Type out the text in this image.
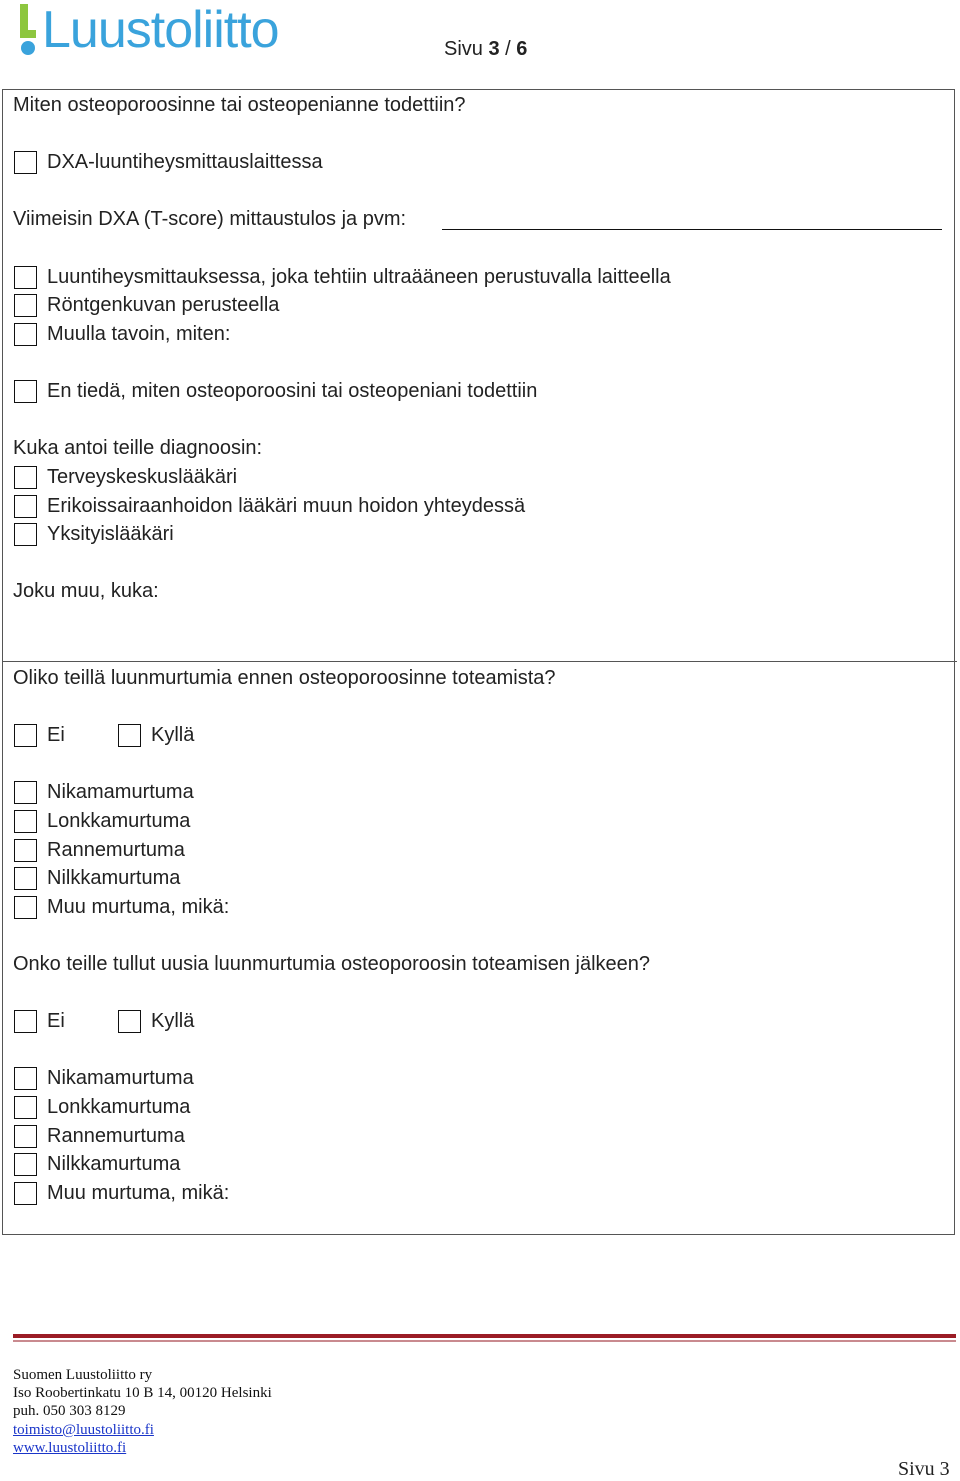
Luustoliitto	Sivu 3 / 6
Miten osteoporoosinne tai osteopenianne todettiin?
DXA-luuntiheysmittauslaittessa
Viimeisin DXA (T-score) mittaustulos ja pvm:
Luuntiheysmittauksessa, joka tehtiin ultraääneen perustuvalla laitteella
Röntgenkuvan perusteella
Muulla tavoin, miten:
En tiedä, miten osteoporoosini tai osteopeniani todettiin
Kuka antoi teille diagnoosin:
Terveyskeskuslääkäri
Erikoissairaanhoidon lääkäri muun hoidon yhteydessä
Yksityislääkäri
Joku muu, kuka:
Oliko teillä luunmurtumia ennen osteoporoosinne toteamista?
Ei	Kyllä
Nikamamurtuma
Lonkkamurtuma
Rannemurtuma
Nilkkamurtuma
Muu murtuma, mikä:
Onko teille tullut uusia luunmurtumia osteoporoosin toteamisen jälkeen?
Ei	Kyllä
Nikamamurtuma
Lonkkamurtuma
Rannemurtuma
Nilkkamurtuma
Muu murtuma, mikä:
Suomen Luustoliitto ry
Iso Roobertinkatu 10 B 14, 00120 Helsinki
puh. 050 303 8129
toimisto@luustoliitto.fi
www.luustoliitto.fi
Sivu 3
